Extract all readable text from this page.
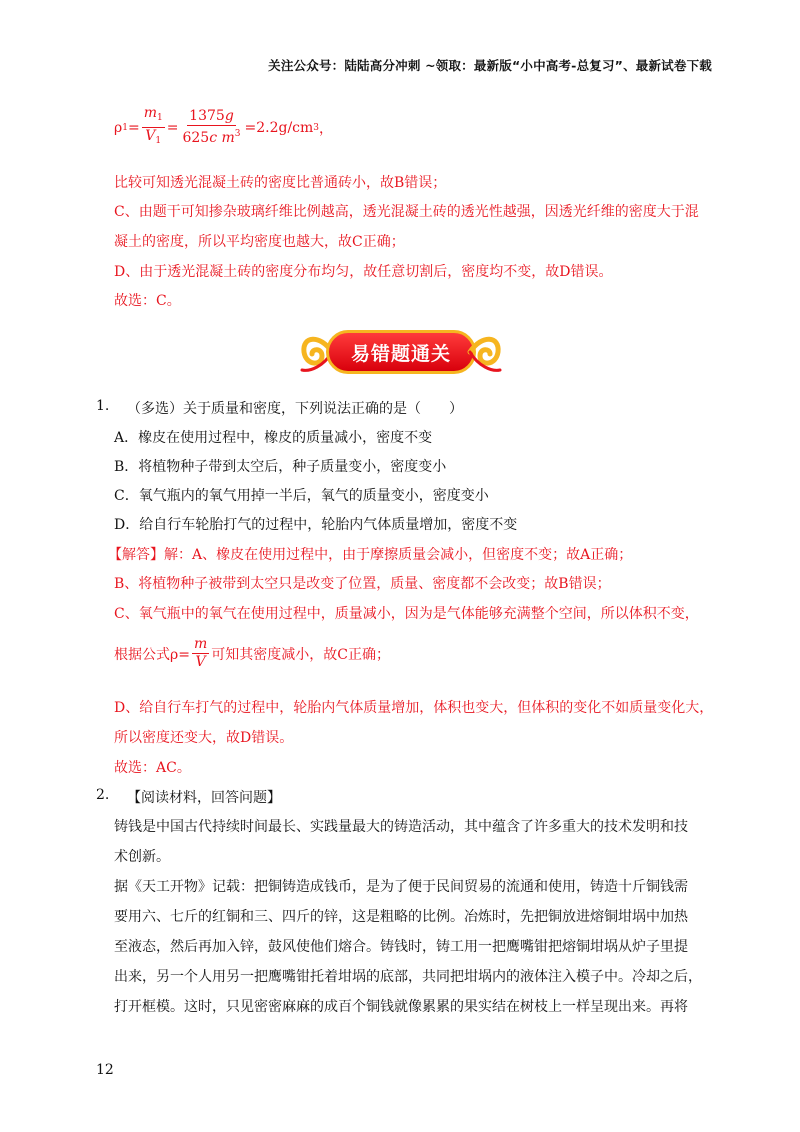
关注公众号：陆陆高分冲刺 ~领取：最新版“小中高考-总复习”、最新试卷下载
ρ $1 = \frac{m_1}{V_1} = \frac{1375g}{625c m^3} =2.2g/cm$ 3 ，
比较可知透光混凝土砖的密度比普通砖小，故B错误；
C、由题干可知掺杂玻璃纤维比例越高，透光混凝土砖的透光性越强，因透光纤维的密度大于混
凝土的密度，所以平均密度也越大，故C正确；
D、由于透光混凝土砖的密度分布均匀，故任意切割后，密度均不变，故D错误。
故选：C。
易错题通关
1. （多选）关于质量和密度，下列说法正确的是（　　）
A．橡皮在使用过程中，橡皮的质量减小，密度不变
B．将植物种子带到太空后，种子质量变小，密度变小
C．氧气瓶内的氧气用掉一半后，氧气的质量变小，密度变小
D．给自行车轮胎打气的过程中，轮胎内气体质量增加，密度不变
【解答】解：A、橡皮在使用过程中，由于摩擦质量会减小，但密度不变；故A正确；
B、将植物种子被带到太空只是改变了位置，质量、密度都不会改变；故B错误；
C、氧气瓶中的氧气在使用过程中，质量减小，因为是气体能够充满整个空间，所以体积不变，
根据公式$\rho= \frac{m}{V}$ 可知其密度减小，故C正确；
D、给自行车打气的过程中，轮胎内气体质量增加，体积也变大，但体积的变化不如质量变化大，
所以密度还变大，故D错误。
故选：AC。
2. 【阅读材料，回答问题】
铸钱是中国古代持续时间最长、实践量最大的铸造活动，其中蕴含了许多重大的技术发明和技
术创新。
据《天工开物》记载：把铜铸造成钱币，是为了便于民间贸易的流通和使用，铸造十斤铜钱需
要用六、七斤的红铜和三、四斤的锌，这是粗略的比例。冶炼时，先把铜放进熔铜坩埚中加热
至液态，然后再加入锌，鼓风使他们熔合。铸钱时，铸工用一把鹰嘴钳把熔铜坩埚从炉子里提
出来，另一个人用另一把鹰嘴钳托着坩埚的底部，共同把坩埚内的液体注入模子中。冷却之后，
打开框模。这时，只见密密麻麻的成百个铜钱就像累累的果实结在树枝上一样呈现出来。再将
12
